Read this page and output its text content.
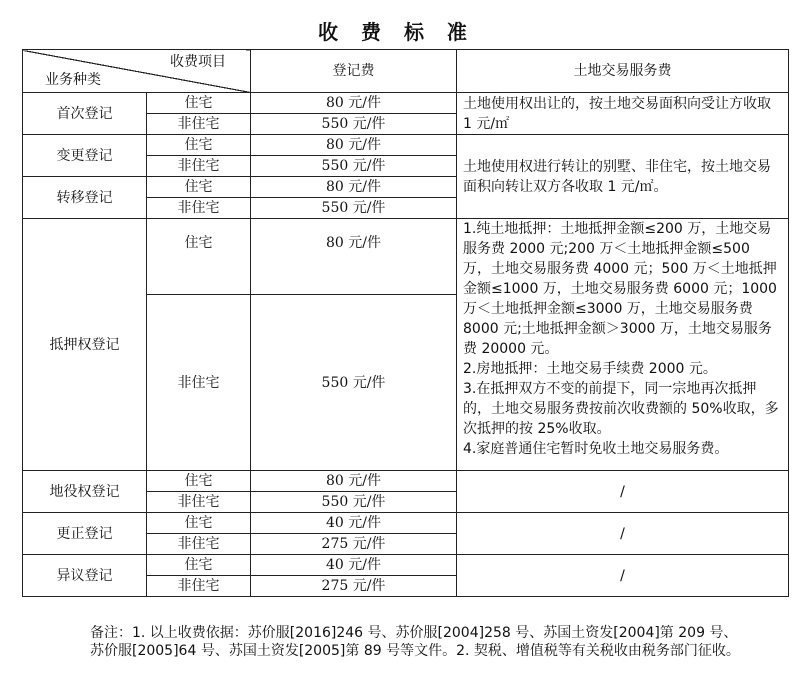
收 费 标 准
收费项目
业务种类		登记费	土地交易服务费
首次登记	住宅	80 元/件	土地使用权出让的，按土地交易面积向受让方收取 1 元/㎡
	非住宅	550 元/件	
变更登记	住宅	80 元/件	土地使用权进行转让的别墅、非住宅，按土地交易面积向转让双方各收取 1 元/㎡。
	非住宅	550 元/件	
转移登记	住宅	80 元/件	
	非住宅	550 元/件	
抵押权登记	住宅	80 元/件	1.纯土地抵押：土地抵押金额≤200 万，土地交易服务费 2000 元;200 万＜土地抵押金额≤500 万，土地交易服务费 4000 元；500 万＜土地抵押金额≤1000 万，土地交易服务费 6000 元；1000 万＜土地抵押金额≤3000 万，土地交易服务费 8000 元;土地抵押金额＞3000 万，土地交易服务费 20000 元。
2.房地抵押：土地交易手续费 2000 元。
3.在抵押双方不变的前提下，同一宗地再次抵押的，土地交易服务费按前次收费额的 50%收取，多次抵押的按 25%收取。
4.家庭普通住宅暂时免收土地交易服务费。

	非住宅	550 元/件	
地役权登记	住宅	80 元/件	/
	非住宅	550 元/件	
更正登记	住宅	40 元/件	/
	非住宅	275 元/件	
异议登记	住宅	40 元/件	/
	非住宅	275 元/件	
备注：1. 以上收费依据：苏价服[2016]246 号、苏价服[2004]258 号、苏国土资发[2004]第 209 号、苏价服[2005]64 号、苏国土资发[2005]第 89 号等文件。2. 契税、增值税等有关税收由税务部门征收。
